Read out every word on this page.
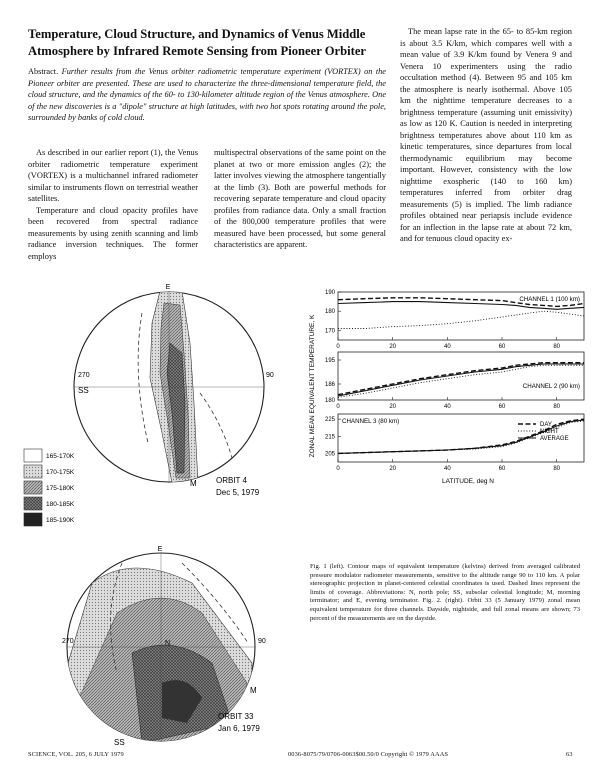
Temperature, Cloud Structure, and Dynamics of Venus Middle Atmosphere by Infrared Remote Sensing from Pioneer Orbiter
Abstract. Further results from the Venus orbiter radiometric temperature experiment (VORTEX) on the Pioneer orbiter are presented. These are used to characterize the three-dimensional temperature field, the cloud structure, and the dynamics of the 60- to 130-kilometer altitude region of the Venus atmosphere. One of the new discoveries is a "dipole" structure at high latitudes, with two hot spots rotating around the pole, surrounded by banks of cold cloud.

As described in our earlier report (1), the Venus orbiter radiometric temperature experiment (VORTEX) is a multichannel infrared radiometer similar to instruments flown on terrestrial weather satellites.

Temperature and cloud opacity profiles have been recovered from spectral radiance measurements by using zenith scanning and limb radiance inversion techniques. The former employs

multispectral observations of the same point on the planet at two or more emission angles (2); the latter involves viewing the atmosphere tangentially at the limb (3). Both are powerful methods for recovering separate temperature and cloud opacity profiles from radiance data. Only a small fraction of the 800,000 temperature profiles that were measured have been processed, but some general characteristics are apparent.

The mean lapse rate in the 65- to 85-km region is about 3.5 K/km, which compares well with a mean value of 3.9 K/km found by Venera 9 and Venera 10 experimenters using the radio occultation method (4). Between 95 and 105 km the atmosphere is nearly isothermal. Above 105 km the nighttime temperature decreases to a brightness temperature (assuming unit emissivity) as low as 120 K. Caution is needed in interpreting brightness temperatures above about 110 km as kinetic temperatures, since departures from local thermodynamic equilibrium may become important. However, consistency with the low nighttime exospheric (140 to 160 km) temperatures inferred from orbiter drag measurements (5) is implied. The limb radiance profiles obtained near periapsis include evidence for an inflection in the lapse rate at about 72 km, and for tenuous cloud opacity ex-

E
270
SS
90
M ORBIT 4
Dec 5, 1979
165-170K
170-175K
175-180K
180-185K
185-190K
E
N
270	90
SS
M
ORBIT 33
Jan 6, 1979
ZONAL MEAN EQUIVALENT TEMPERATURE, K
LATITUDE, deg N
190
180
170
0	20	40	60	80
CHANNEL 1 (100 km)
195
186
180
0	20	40	60	80
CHANNEL 2 (90 km)
225
215
205
0	20	40	60	80
CHANNEL 3 (80 km)	DAY
NIGHT
AVERAGE
Fig. 1 (left). Contour maps of equivalent temperature (kelvins) derived from averaged calibrated pressure modulator radiometer measurements, sensitive to the altitude range 90 to 110 km. A polar stereographic projection in planet-centered celestial coordinates is used. Dashed lines represent the limits of coverage. Abbreviations: N, north pole; SS, subsolar celestial longitude; M, morning terminator; and E, evening terminator. Fig. 2. (right). Orbit 33 (5 January 1979) zonal mean equivalent temperature for three channels. Dayside, nightside, and full zonal means are shown; 73 percent of the measurements are on the dayside.
SCIENCE, VOL. 205, 6 JULY 1979	0036-8075/79/0706-0063$00.50/0 Copyright © 1979 AAAS	63
